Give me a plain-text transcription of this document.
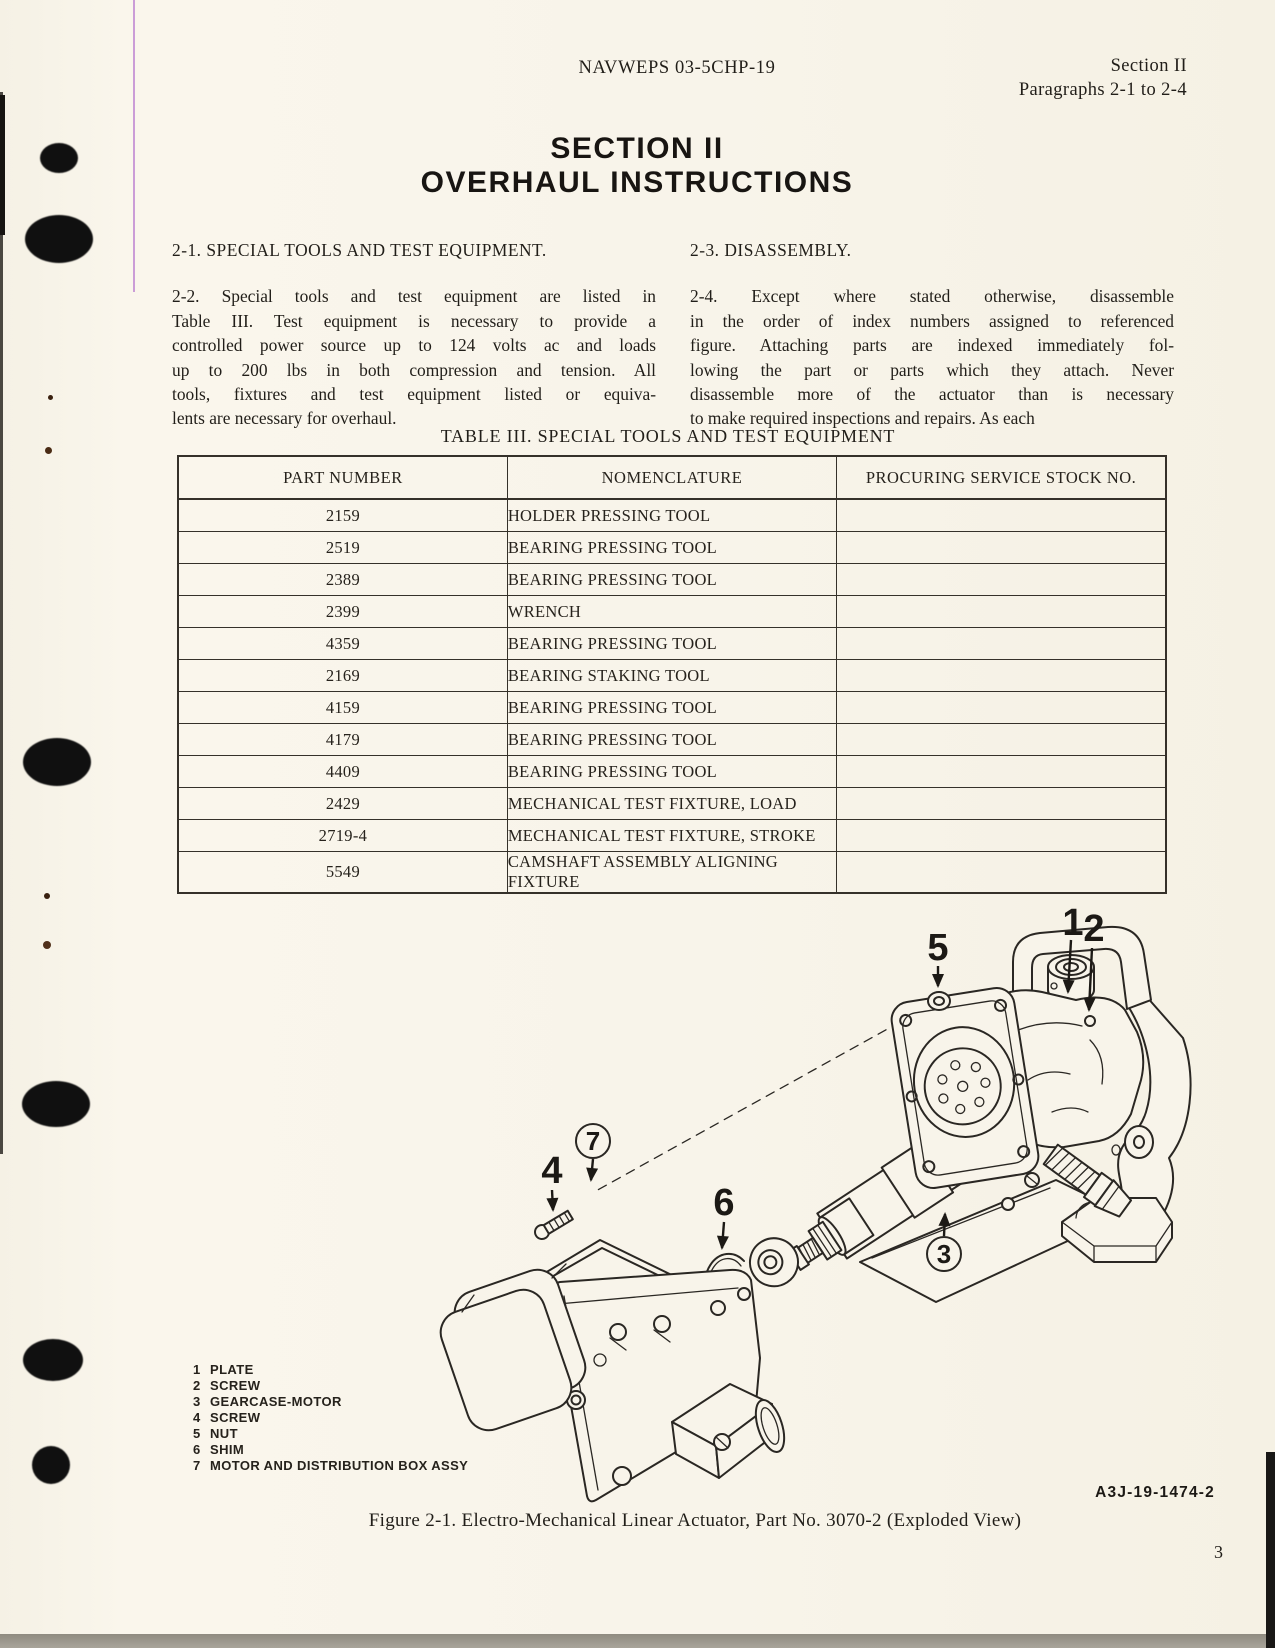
NAVWEPS 03-5CHP-19	Section II
Paragraphs 2-1 to 2-4
SECTION II
OVERHAUL INSTRUCTIONS
2-1. SPECIAL TOOLS AND TEST EQUIPMENT.
2-2. Special tools and test equipment are listed in
Table III. Test equipment is necessary to provide a
controlled power source up to 124 volts ac and loads
up to 200 lbs in both compression and tension. All
tools, fixtures and test equipment listed or equiva-
lents are necessary for overhaul.
2-3. DISASSEMBLY.
2-4. Except where stated otherwise, disassemble
in the order of index numbers assigned to referenced
figure. Attaching parts are indexed immediately fol-
lowing the part or parts which they attach. Never
disassemble more of the actuator than is necessary
to make required inspections and repairs. As each
TABLE III. SPECIAL TOOLS AND TEST EQUIPMENT
PART NUMBER	NOMENCLATURE	PROCURING SERVICE STOCK NO.
2159	HOLDER PRESSING TOOL	
2519	BEARING PRESSING TOOL	
2389	BEARING PRESSING TOOL	
2399	WRENCH	
4359	BEARING PRESSING TOOL	
2169	BEARING STAKING TOOL	
4159	BEARING PRESSING TOOL	
4179	BEARING PRESSING TOOL	
4409	BEARING PRESSING TOOL	
2429	MECHANICAL TEST FIXTURE, LOAD	
2719-4	MECHANICAL TEST FIXTURE, STROKE	
5549	CAMSHAFT ASSEMBLY ALIGNING FIXTURE	
1 2
5
7
4
6
3
1 PLATE
2 SCREW
3 GEARCASE-MOTOR
4 SCREW
5 NUT
6 SHIM
7 MOTOR AND DISTRIBUTION BOX ASSY
A3J-19-1474-2
Figure 2-1. Electro-Mechanical Linear Actuator, Part No. 3070-2 (Exploded View)
3
